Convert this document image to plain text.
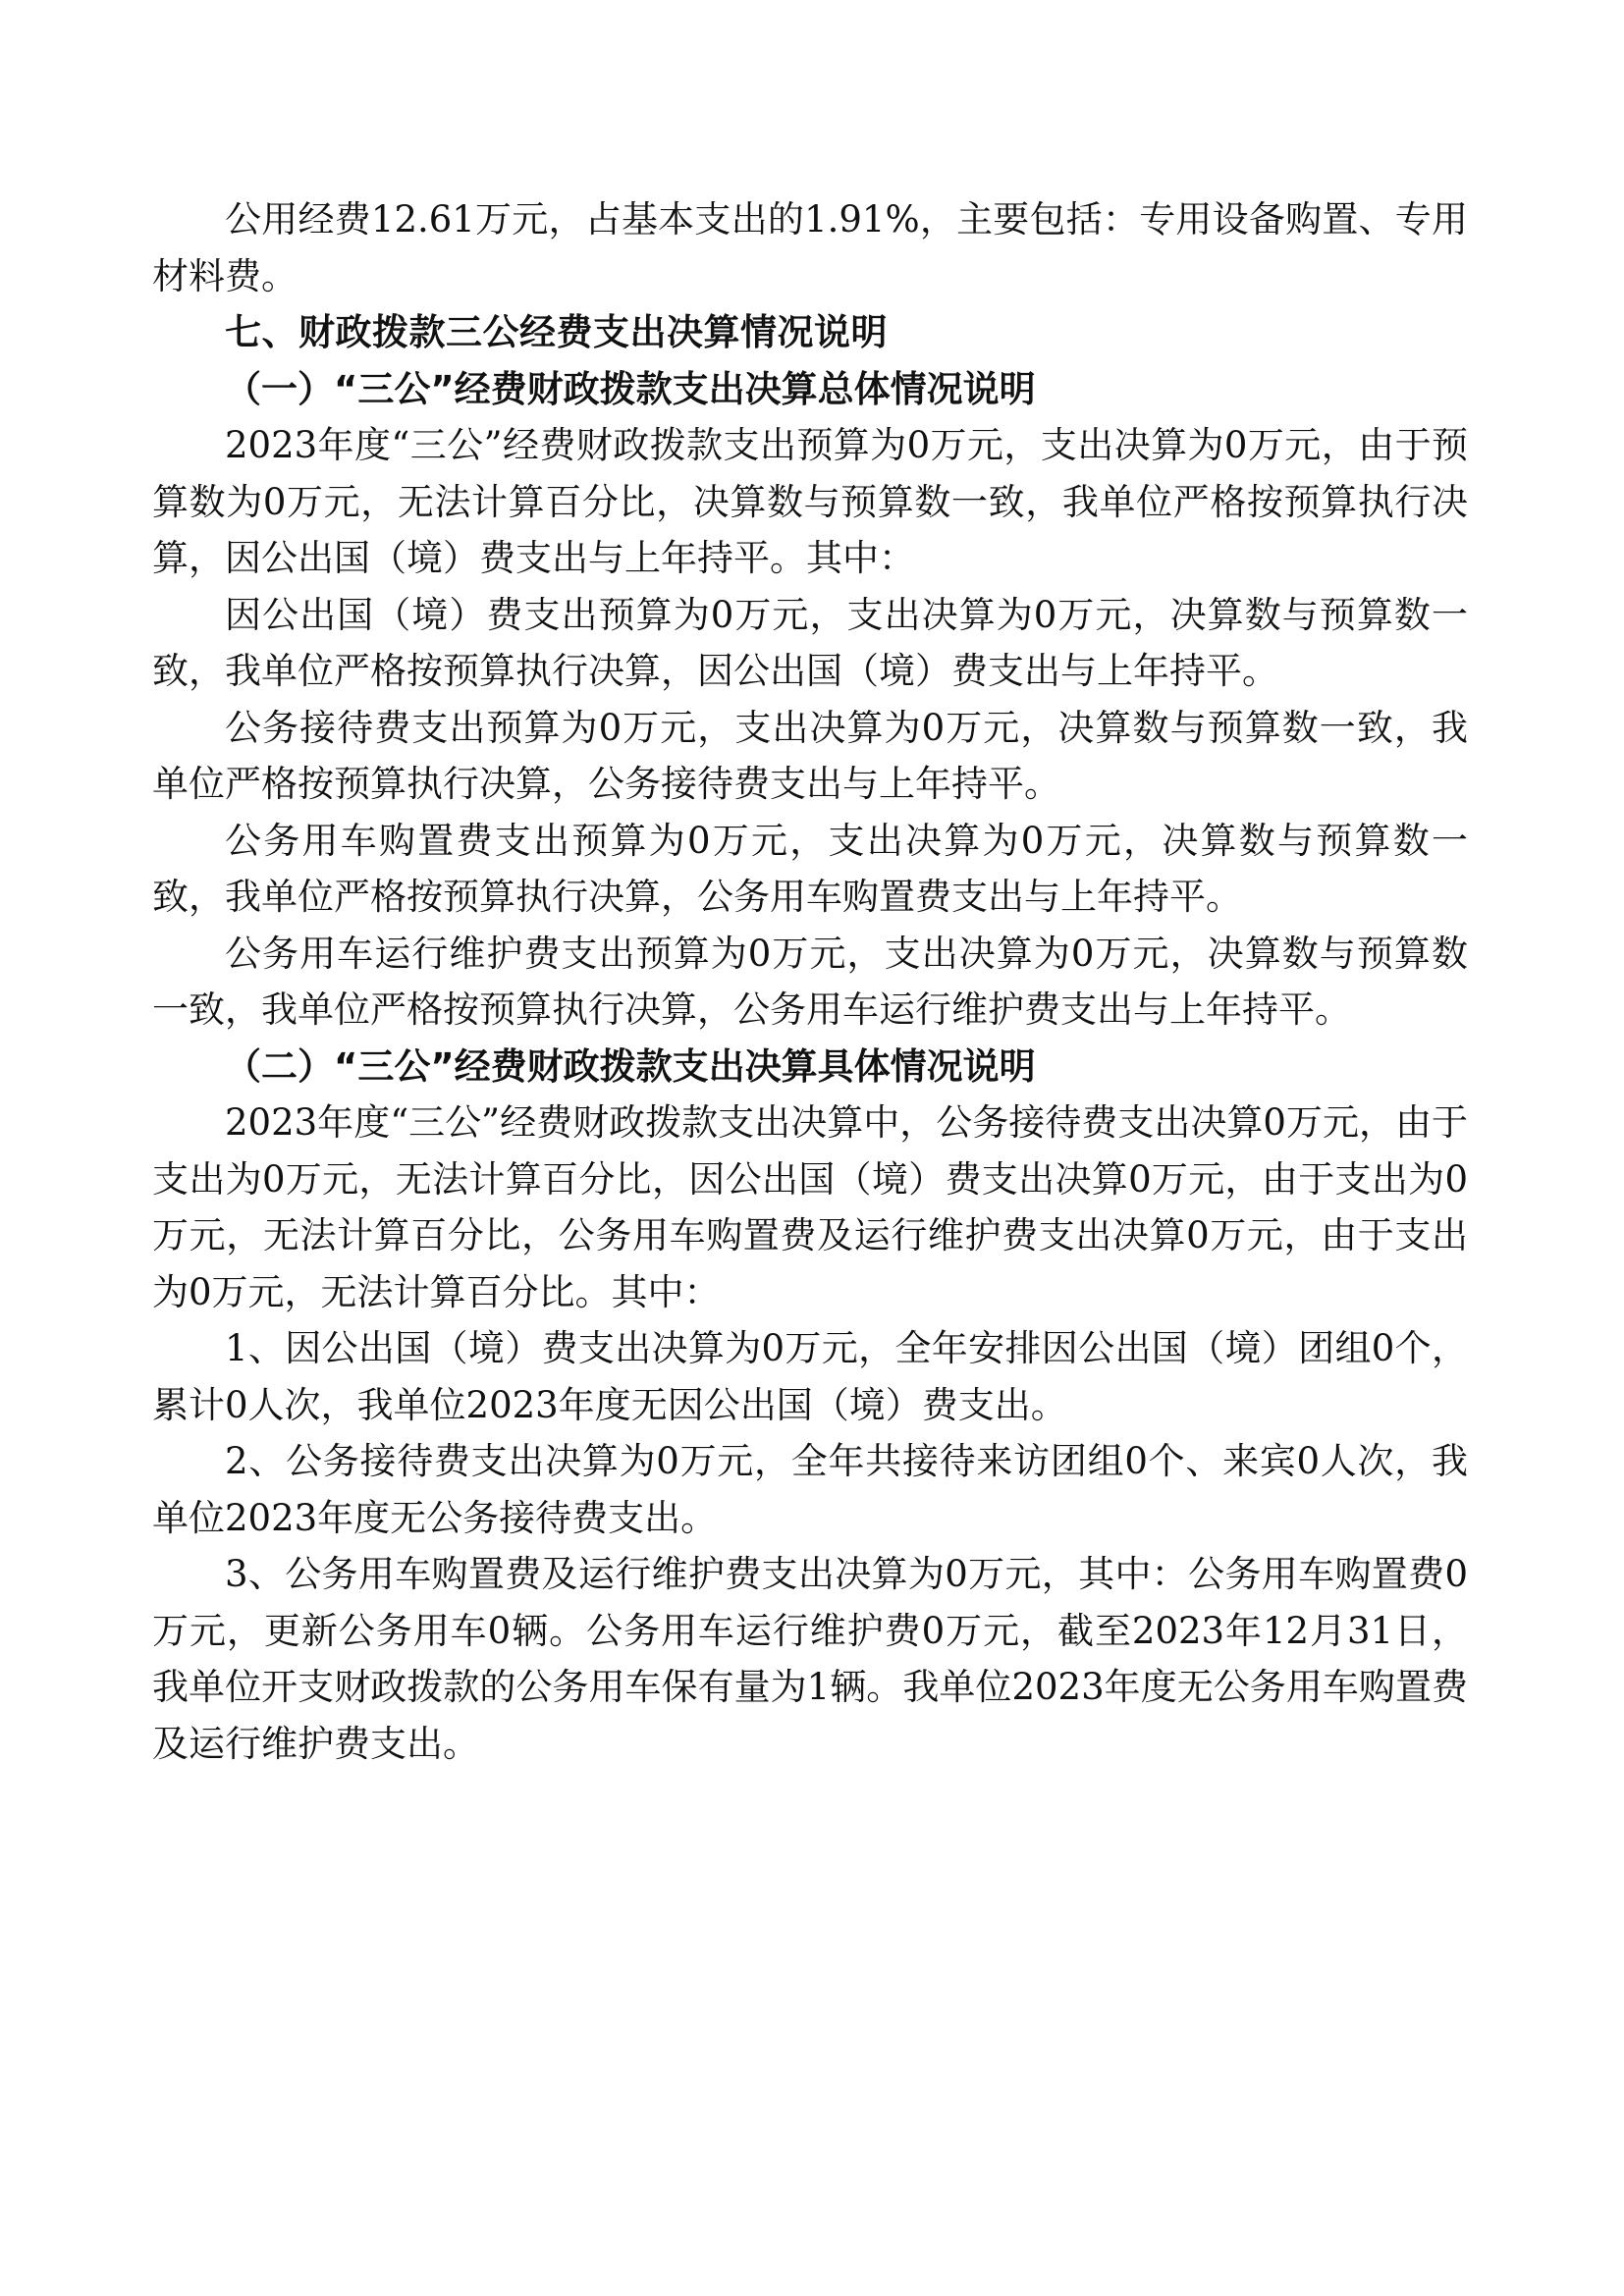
公用经费12.61万元，占基本支出的1.91%，主要包括：专用设备购置、专用材料费。

七、财政拨款三公经费支出决算情况说明

（一）“三公”经费财政拨款支出决算总体情况说明

2023年度“三公”经费财政拨款支出预算为0万元，支出决算为0万元，由于预算数为0万元，无法计算百分比，决算数与预算数一致，我单位严格按预算执行决算，因公出国（境）费支出与上年持平。其中：

因公出国（境）费支出预算为0万元，支出决算为0万元，决算数与预算数一致，我单位严格按预算执行决算，因公出国（境）费支出与上年持平。

公务接待费支出预算为0万元，支出决算为0万元，决算数与预算数一致，我单位严格按预算执行决算，公务接待费支出与上年持平。

公务用车购置费支出预算为0万元，支出决算为0万元，决算数与预算数一致，我单位严格按预算执行决算，公务用车购置费支出与上年持平。

公务用车运行维护费支出预算为0万元，支出决算为0万元，决算数与预算数一致，我单位严格按预算执行决算，公务用车运行维护费支出与上年持平。

（二）“三公”经费财政拨款支出决算具体情况说明

2023年度“三公”经费财政拨款支出决算中，公务接待费支出决算0万元，由于支出为0万元，无法计算百分比，因公出国（境）费支出决算0万元，由于支出为0万元，无法计算百分比，公务用车购置费及运行维护费支出决算0万元，由于支出为0万元，无法计算百分比。其中：

1、因公出国（境）费支出决算为0万元，全年安排因公出国（境）团组0个，累计0人次，我单位2023年度无因公出国（境）费支出。

2、公务接待费支出决算为0万元，全年共接待来访团组0个、来宾0人次，我单位2023年度无公务接待费支出。

3、公务用车购置费及运行维护费支出决算为0万元，其中：公务用车购置费0万元，更新公务用车0辆。公务用车运行维护费0万元，截至2023年12月31日，我单位开支财政拨款的公务用车保有量为1辆。我单位2023年度无公务用车购置费及运行维护费支出。
